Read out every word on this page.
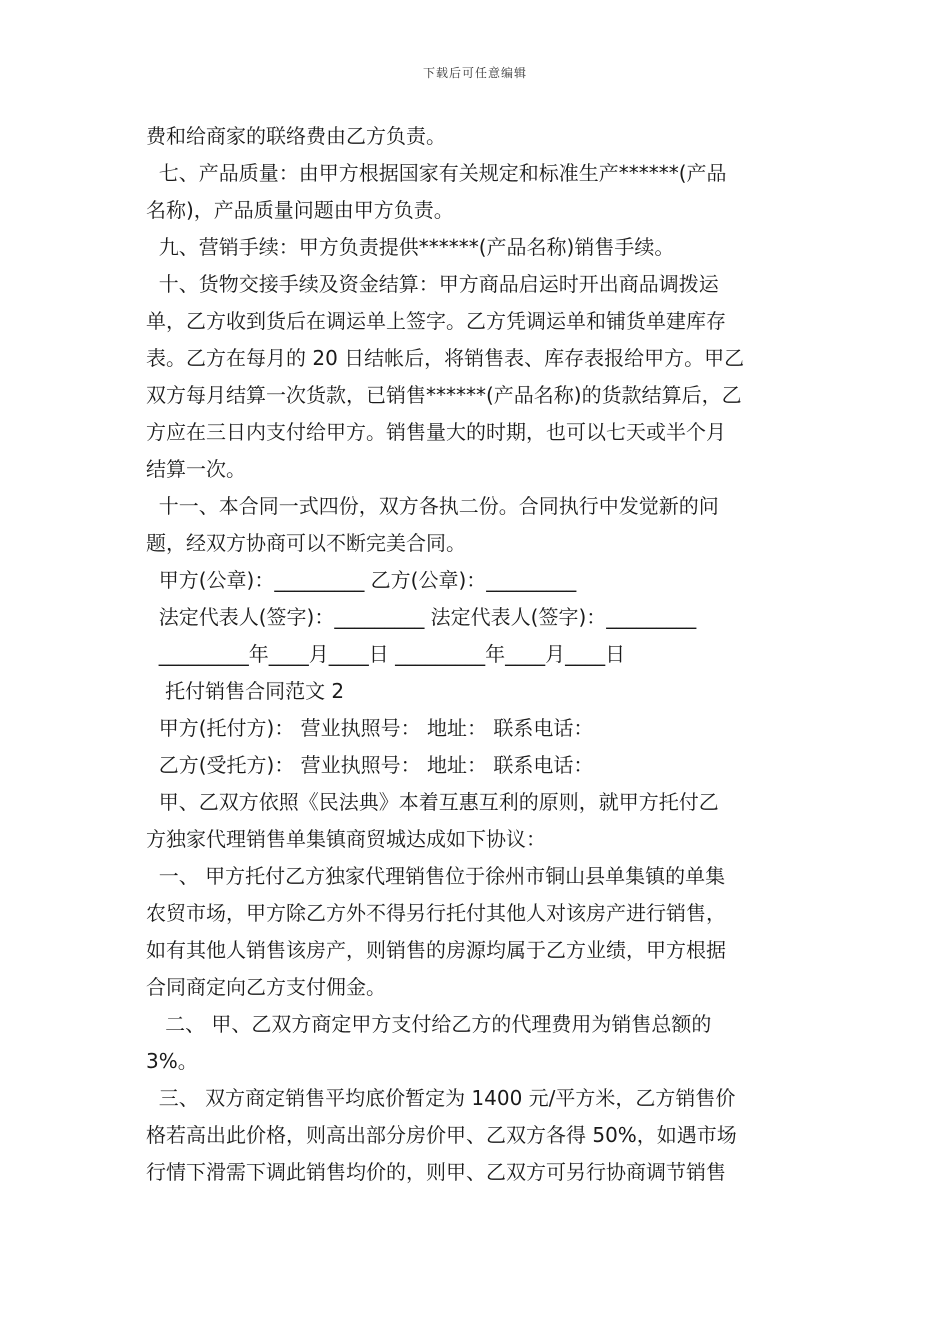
下载后可任意编辑
费和给商家的联络费由乙方负责。
七、产品质量：由甲方根据国家有关规定和标准生产******(产品
名称)，产品质量问题由甲方负责。
九、营销手续：甲方负责提供******(产品名称)销售手续。
十、货物交接手续及资金结算：甲方商品启运时开出商品调拨运
单，乙方收到货后在调运单上签字。乙方凭调运单和铺货单建库存
表。乙方在每月的 20 日结帐后，将销售表、库存表报给甲方。甲乙
双方每月结算一次货款，已销售******(产品名称)的货款结算后，乙
方应在三日内支付给甲方。销售量大的时期，也可以七天或半个月
结算一次。
十一、本合同一式四份，双方各执二份。合同执行中发觉新的问
题，经双方协商可以不断完美合同。
甲方(公章)：_________ 乙方(公章)：_________
法定代表人(签字)：_________ 法定代表人(签字)：_________
_________年____月____日 _________年____月____日
托付销售合同范文 2
甲方(托付方)： 营业执照号： 地址： 联系电话：
乙方(受托方)： 营业执照号： 地址： 联系电话：
甲、乙双方依照《民法典》本着互惠互利的原则，就甲方托付乙
方独家代理销售单集镇商贸城达成如下协议：
一、 甲方托付乙方独家代理销售位于徐州市铜山县单集镇的单集
农贸市场，甲方除乙方外不得另行托付其他人对该房产进行销售，
如有其他人销售该房产，则销售的房源均属于乙方业绩，甲方根据
合同商定向乙方支付佣金。
二、 甲、乙双方商定甲方支付给乙方的代理费用为销售总额的
3%。
三、 双方商定销售平均底价暂定为 1400 元/平方米，乙方销售价
格若高出此价格，则高出部分房价甲、乙双方各得 50%，如遇市场
行情下滑需下调此销售均价的，则甲、乙双方可另行协商调节销售
